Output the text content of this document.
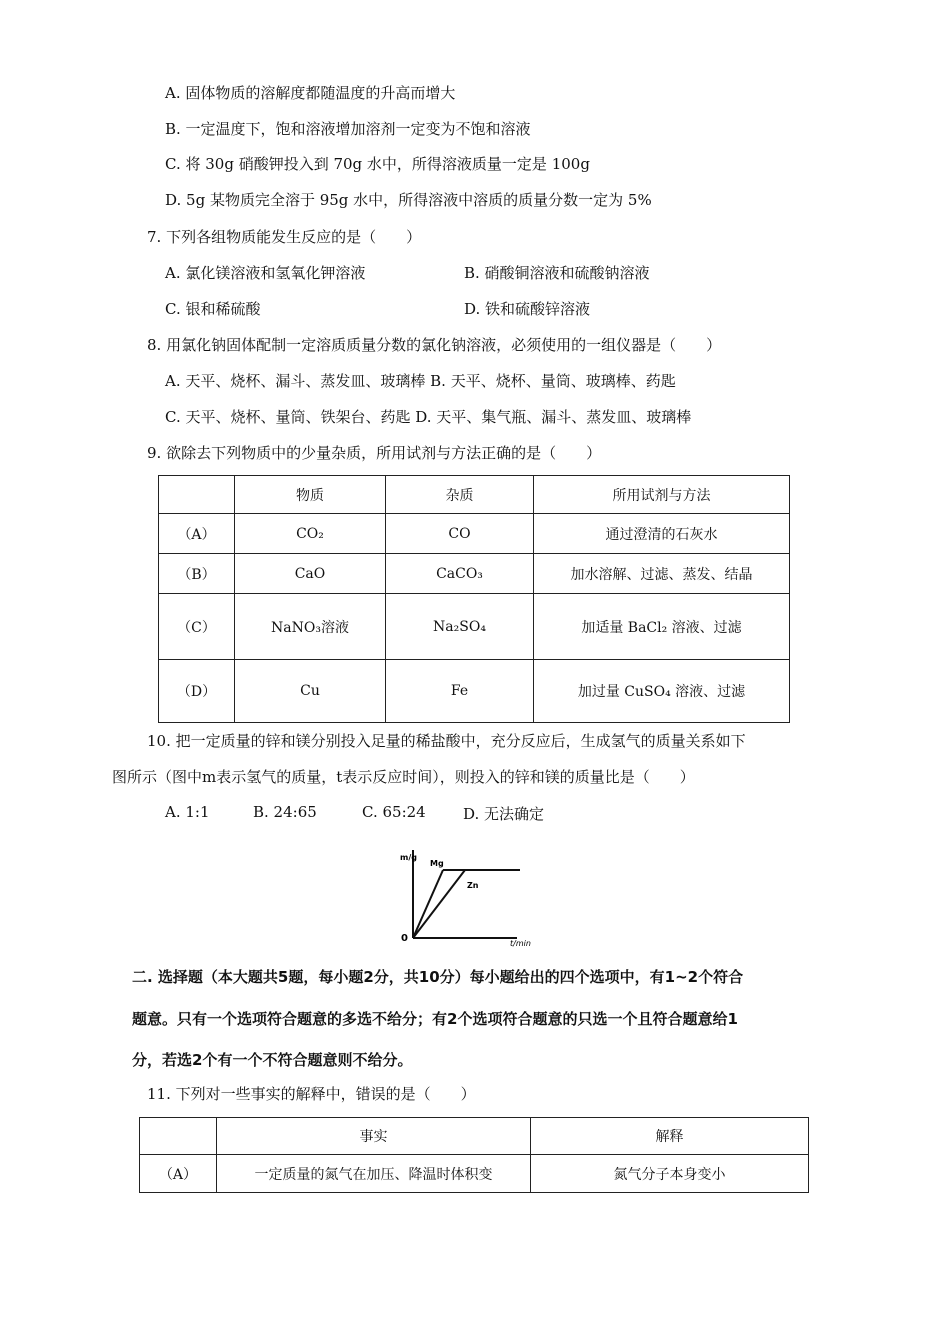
A. 固体物质的溶解度都随温度的升高而增大
B. 一定温度下，饱和溶液增加溶剂一定变为不饱和溶液
C. 将 30g 硝酸钾投入到 70g 水中，所得溶液质量一定是 100g
D. 5g 某物质完全溶于 95g 水中，所得溶液中溶质的质量分数一定为 5%
7. 下列各组物质能发生反应的是（　　）
A. 氯化镁溶液和氢氧化钾溶液	B. 硝酸铜溶液和硫酸钠溶液
C. 银和稀硫酸	D. 铁和硫酸锌溶液
8. 用氯化钠固体配制一定溶质质量分数的氯化钠溶液，必须使用的一组仪器是（　　）
A. 天平、烧杯、漏斗、蒸发皿、玻璃棒 B. 天平、烧杯、量筒、玻璃棒、药匙
C. 天平、烧杯、量筒、铁架台、药匙 D. 天平、集气瓶、漏斗、蒸发皿、玻璃棒
9. 欲除去下列物质中的少量杂质，所用试剂与方法正确的是（　　）
	物质	杂质	所用试剂与方法
（A）	CO₂	CO	通过澄清的石灰水
（B）	CaO	CaCO₃	加水溶解、过滤、蒸发、结晶
（C）	NaNO₃溶液	Na₂SO₄	加适量 BaCl₂ 溶液、过滤
（D）	Cu	Fe	加过量 CuSO₄ 溶液、过滤
10. 把一定质量的锌和镁分别投入足量的稀盐酸中，充分反应后，生成氢气的质量关系如下
图所示（图中m表示氢气的质量，t表示反应时间），则投入的锌和镁的质量比是（　　）
A. 1:1	B. 24:65	C. 65:24 D. 无法确定
m/g
Mg
Zn
0	t/min
二. 选择题（本大题共5题，每小题2分，共10分）每小题给出的四个选项中，有1~2个符合
题意。只有一个选项符合题意的多选不给分；有2个选项符合题意的只选一个且符合题意给1
分，若选2个有一个不符合题意则不给分。
11. 下列对一些事实的解释中，错误的是（　　）
	事实	解释
（A）	一定质量的氮气在加压、降温时体积变	氮气分子本身变小
